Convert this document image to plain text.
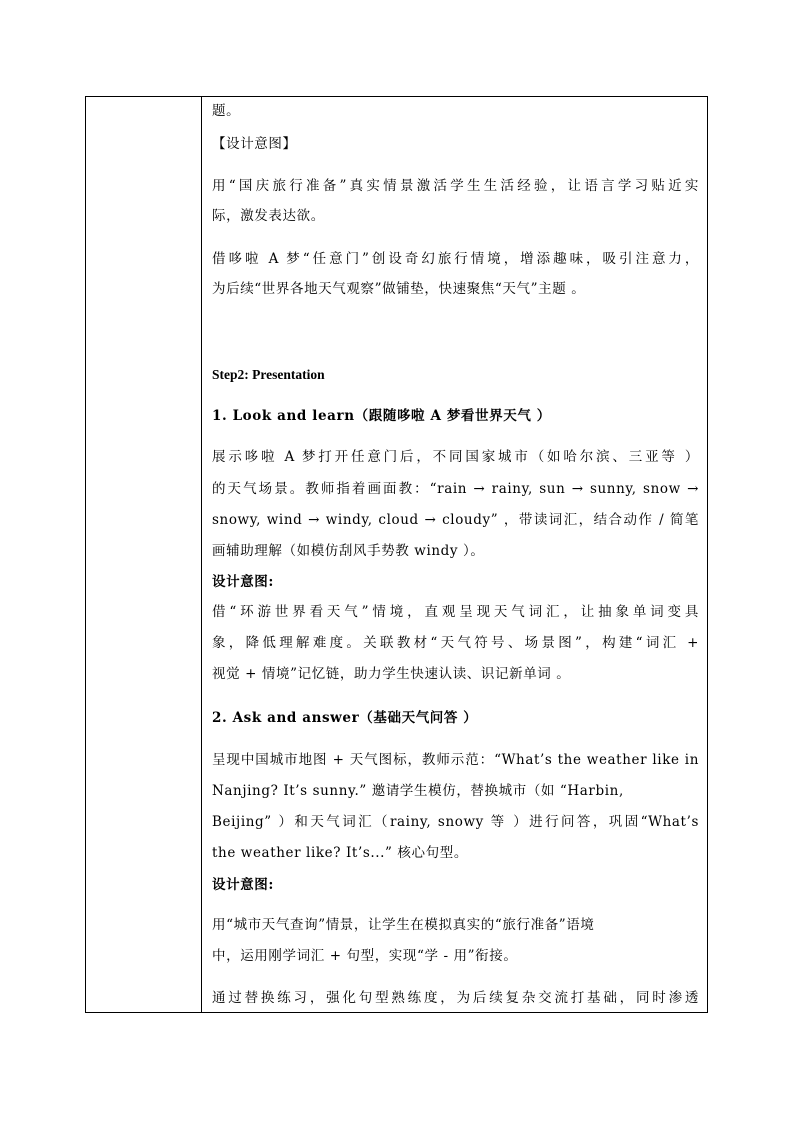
题。
【设计意图】
用“国庆旅行准备”真实情景激活学生生活经验，让语言学习贴近实
际，激发表达欲。
借哆啦 A 梦“任意门”创设奇幻旅行情境，增添趣味，吸引注意力，
为后续“世界各地天气观察”做铺垫，快速聚焦“天气”主题 。
Step2: Presentation
1. Look and learn（跟随哆啦 A 梦看世界天气 ）
展示哆啦 A 梦打开任意门后，不同国家城市（如哈尔滨、三亚等 ）
的天气场景。教师指着画面教：“rain → rainy, sun → sunny, snow →
snowy, wind → windy, cloud → cloudy” ，带读词汇，结合动作 / 简笔
画辅助理解（如模仿刮风手势教 windy ）。
设计意图:
借“环游世界看天气”情境，直观呈现天气词汇，让抽象单词变具
象，降低理解难度。关联教材“天气符号、场景图”，构建“词汇 +
视觉 + 情境”记忆链，助力学生快速认读、识记新单词 。
2. Ask and answer（基础天气问答 ）
呈现中国城市地图 + 天气图标，教师示范：“What’s the weather like in
Nanjing? It’s sunny.” 邀请学生模仿，替换城市（如 “Harbin,
Beijing” ）和天气词汇（rainy, snowy 等 ）进行问答，巩固“What’s
the weather like? It’s...” 核心句型。
设计意图:
用“城市天气查询”情景，让学生在模拟真实的“旅行准备”语境
中，运用刚学词汇 + 句型，实现“学 - 用”衔接。
通过替换练习，强化句型熟练度，为后续复杂交流打基础，同时渗透
